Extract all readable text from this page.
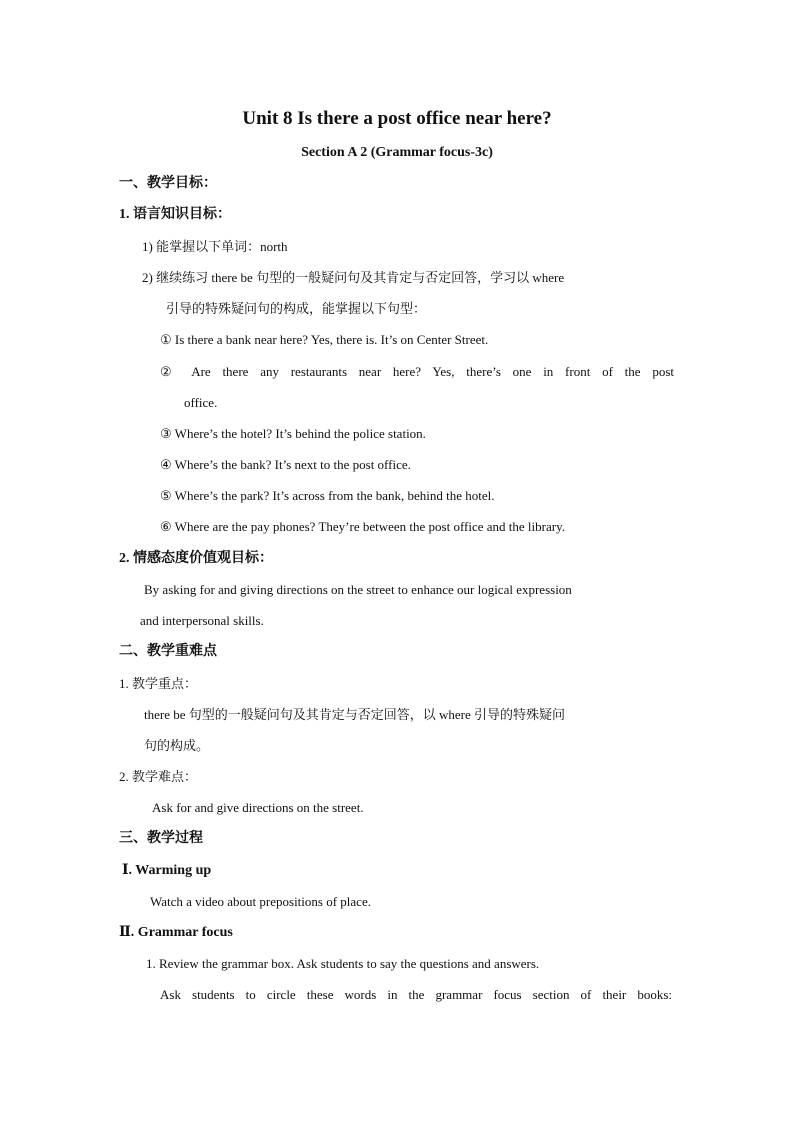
Unit 8 Is there a post office near here?
Section A 2 (Grammar focus-3c)
一、教学目标：
1. 语言知识目标：
1) 能掌握以下单词：north
2) 继续练习 there be 句型的一般疑问句及其肯定与否定回答，学习以 where
引导的特殊疑问句的构成，能掌握以下句型：
① Is there a bank near here? Yes, there is. It’s on Center Street.
② Are there any restaurants near here? Yes, there’s one in front of the post
office.
③ Where’s the hotel? It’s behind the police station.
④ Where’s the bank? It’s next to the post office.
⑤ Where’s the park? It’s across from the bank, behind the hotel.
⑥ Where are the pay phones? They’re between the post office and the library.
2. 情感态度价值观目标：
By asking for and giving directions on the street to enhance our logical expression
and interpersonal skills.
二、教学重难点
1. 教学重点：
there be 句型的一般疑问句及其肯定与否定回答，以 where 引导的特殊疑问
句的构成。
2. 教学难点：
Ask for and give directions on the street.
三、教学过程
Ⅰ. Warming up
Watch a video about prepositions of place.
Ⅱ. Grammar focus
1. Review the grammar box. Ask students to say the questions and answers.
Ask students to circle these words in the grammar focus section of their books:
